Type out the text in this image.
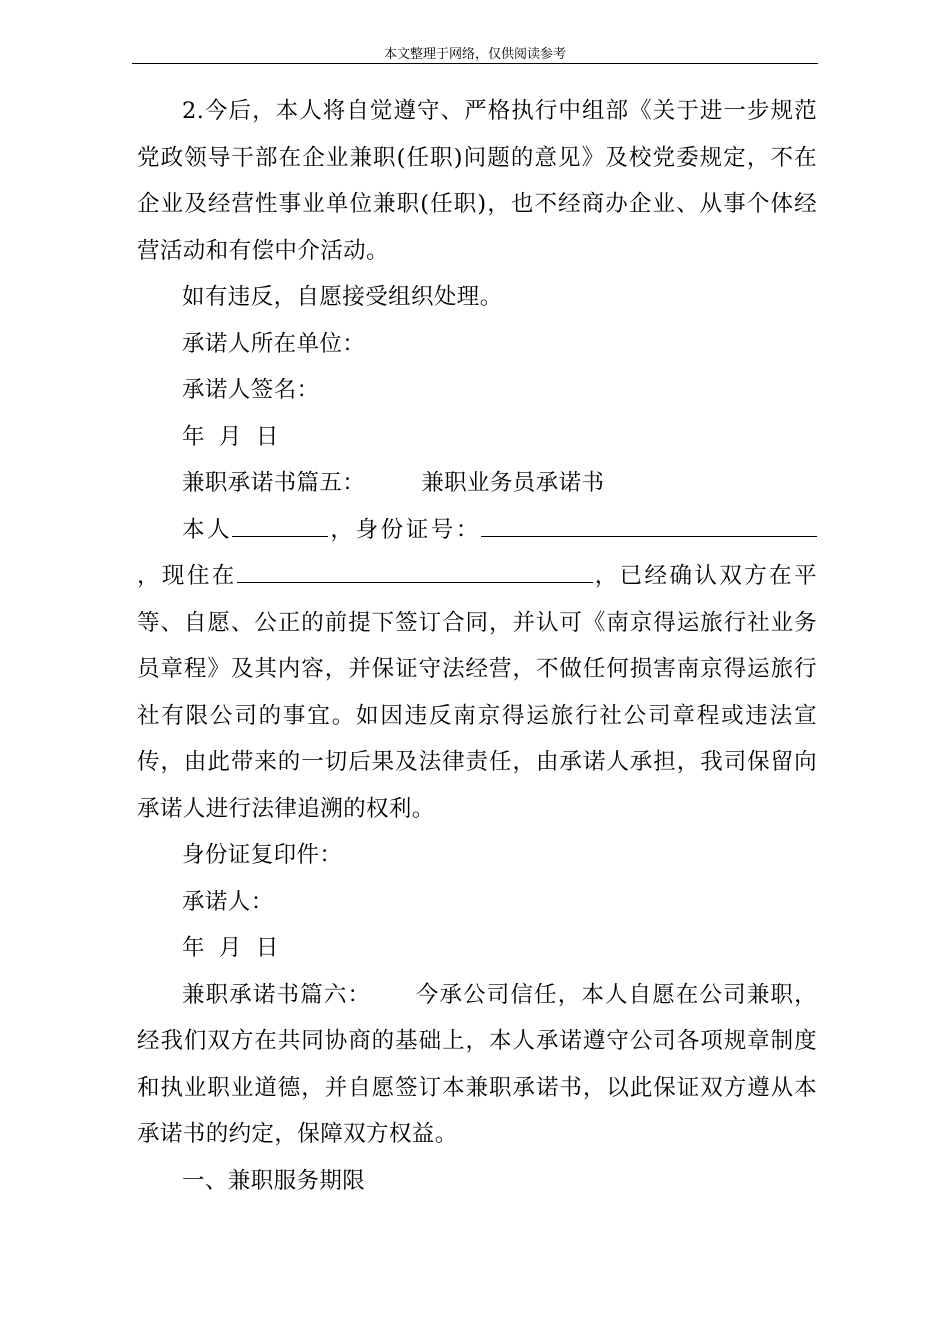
本文整理于网络，仅供阅读参考

2.今后，本人将自觉遵守、严格执行中组部《关于进一步规范党政领导干部在企业兼职(任职)问题的意见》及校党委规定，不在企业及经营性事业单位兼职(任职)，也不经商办企业、从事个体经营活动和有偿中介活动。

如有违反，自愿接受组织处理。

承诺人所在单位：

承诺人签名：

年 月 日

兼职承诺书篇五： 兼职业务员承诺书

本人	，身份证号：，现住在	，已经确认双方在平等、自愿、公正的前提下签订合同，并认可《南京得运旅行社业务员章程》及其内容，并保证守法经营，不做任何损害南京得运旅行社有限公司的事宜。如因违反南京得运旅行社公司章程或违法宣传，由此带来的一切后果及法律责任，由承诺人承担，我司保留向承诺人进行法律追溯的权利。

身份证复印件：

承诺人：

年 月 日

兼职承诺书篇六： 今承公司信任，本人自愿在公司兼职，经我们双方在共同协商的基础上，本人承诺遵守公司各项规章制度和执业职业道德，并自愿签订本兼职承诺书，以此保证双方遵从本承诺书的约定，保障双方权益。

一、兼职服务期限
